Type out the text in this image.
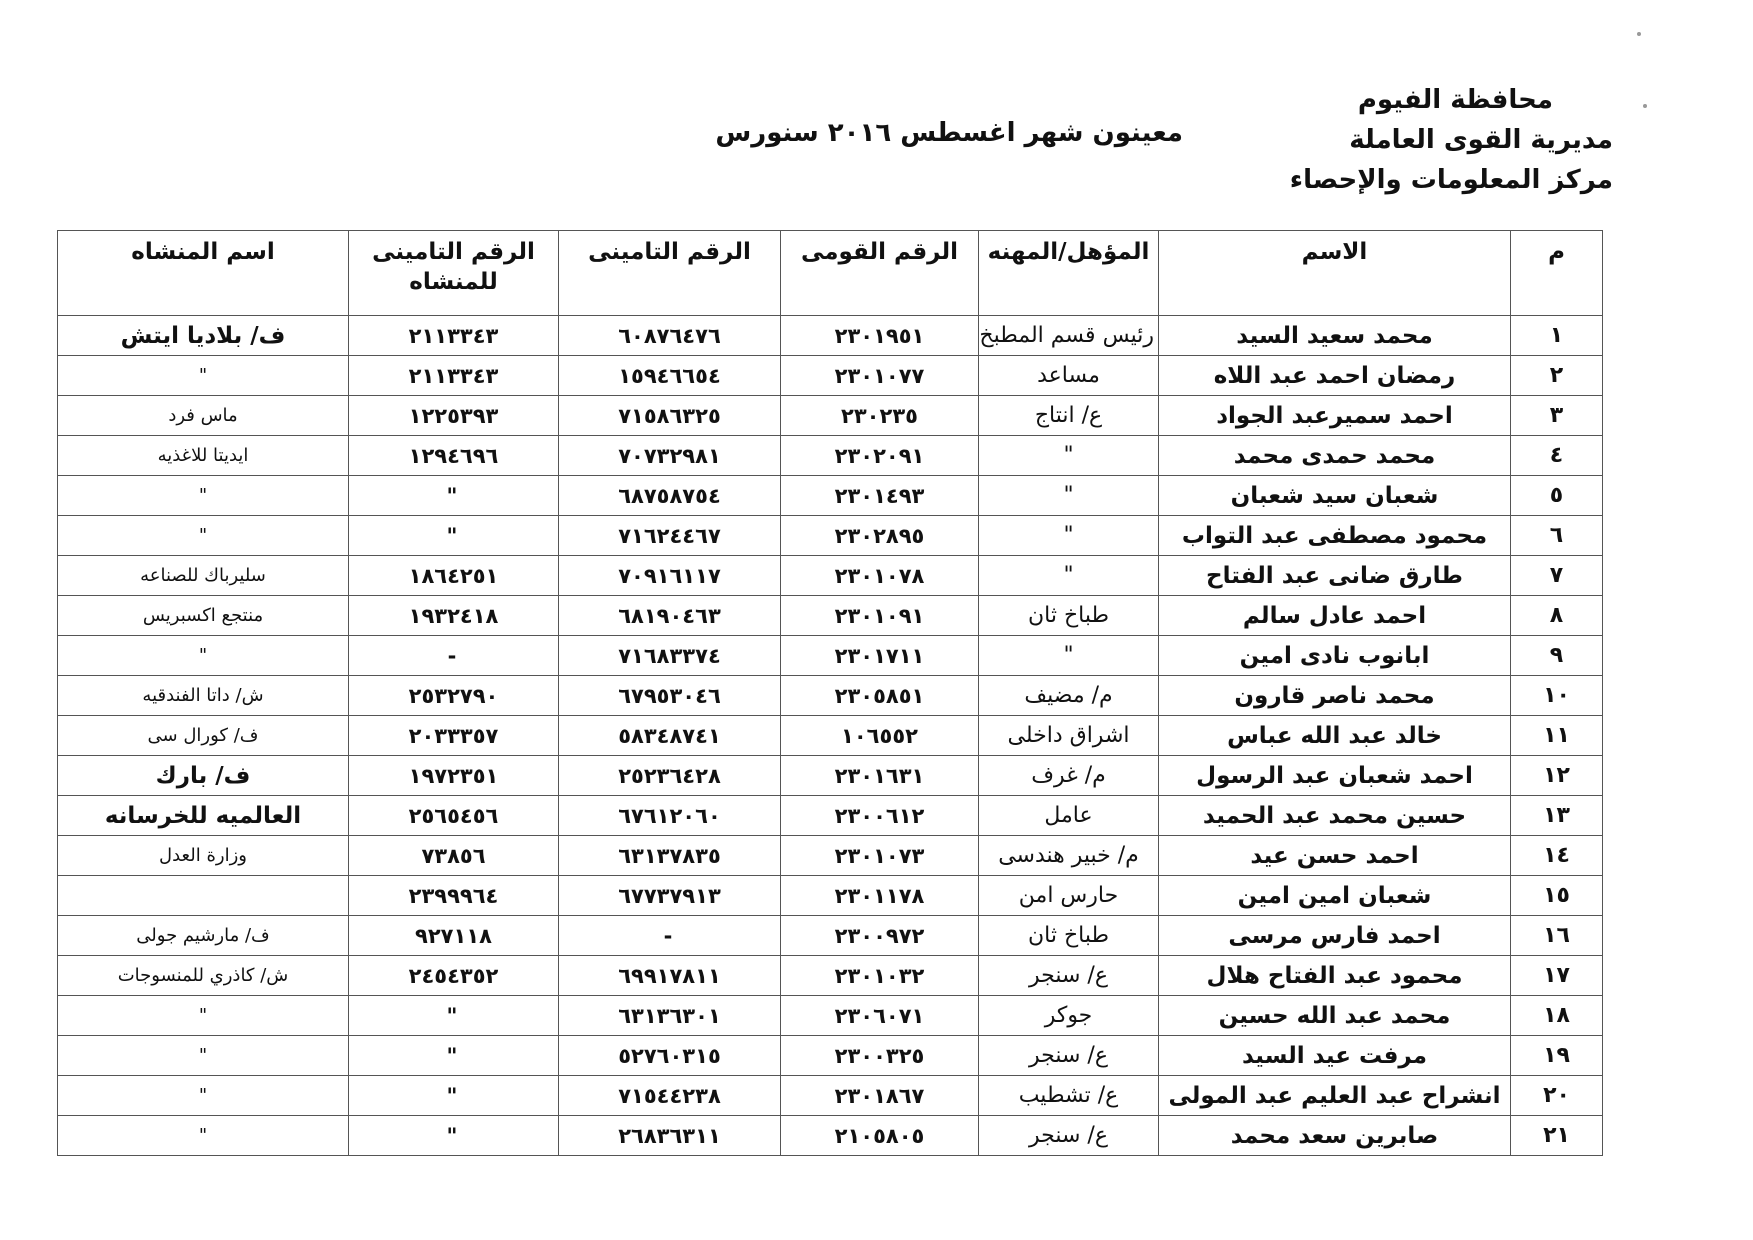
محافظة الفيوم
مديرية القوى العاملة
مركز المعلومات والإحصاء
معينون شهر اغسطس ٢٠١٦ سنورس
م	الاسم	المؤهل/المهنه	الرقم القومى	الرقم التامينى	الرقم التامينى للمنشاه	اسم المنشاه
١	محمد سعيد السيد	رئيس قسم المطبخ	٢٣٠١٩٥١	٦٠٨٧٦٤٧٦	٢١١٣٣٤٣	ف/ بلاديا ايتش
٢	رمضان احمد عبد اللاه	مساعد	٢٣٠١٠٧٧	١٥٩٤٦٦٥٤	٢١١٣٣٤٣	"
٣	احمد سميرعبد الجواد	ع/ انتاج	٢٣٠٢٣٥	٧١٥٨٦٣٢٥	١٢٢٥٣٩٣	ماس فرد
٤	محمد حمدى محمد	"	٢٣٠٢٠٩١	٧٠٧٣٢٩٨١	١٢٩٤٦٩٦	ايديتا للاغذيه
٥	شعبان سيد شعبان	"	٢٣٠١٤٩٣	٦٨٧٥٨٧٥٤	"	"
٦	محمود مصطفى عبد التواب	"	٢٣٠٢٨٩٥	٧١٦٢٤٤٦٧	"	"
٧	طارق ضانى عبد الفتاح	"	٢٣٠١٠٧٨	٧٠٩١٦١١٧	١٨٦٤٢٥١	سليرباك للصناعه
٨	احمد عادل سالم	طباخ ثان	٢٣٠١٠٩١	٦٨١٩٠٤٦٣	١٩٣٢٤١٨	منتجع اكسبريس
٩	ابانوب نادى امين	"	٢٣٠١٧١١	٧١٦٨٣٣٧٤	-	"
١٠	محمد ناصر قارون	م/ مضيف	٢٣٠٥٨٥١	٦٧٩٥٣٠٤٦	٢٥٣٢٧٩٠	ش/ داتا الفندقيه
١١	خالد عبد الله عباس	اشراق داخلى	١٠٦٥٥٢	٥٨٣٤٨٧٤١	٢٠٣٣٣٥٧	ف/ كورال سى
١٢	احمد شعبان عبد الرسول	م/ غرف	٢٣٠١٦٣١	٢٥٢٣٦٤٢٨	١٩٧٢٣٥١	ف/ بارك
١٣	حسين محمد عبد الحميد	عامل	٢٣٠٠٦١٢	٦٧٦١٢٠٦٠	٢٥٦٥٤٥٦	العالميه للخرسانه
١٤	احمد حسن عيد	م/ خبير هندسى	٢٣٠١٠٧٣	٦٣١٣٧٨٣٥	٧٣٨٥٦	وزارة العدل
١٥	شعبان امين امين	حارس امن	٢٣٠١١٧٨	٦٧٧٣٧٩١٣	٢٣٩٩٩٦٤	
١٦	احمد فارس مرسى	طباخ ثان	٢٣٠٠٩٧٢	-	٩٢٧١١٨	ف/ مارشيم جولى
١٧	محمود عبد الفتاح هلال	ع/ سنجر	٢٣٠١٠٣٢	٦٩٩١٧٨١١	٢٤٥٤٣٥٢	ش/ كاذري للمنسوجات
١٨	محمد عبد الله حسين	جوكر	٢٣٠٦٠٧١	٦٣١٣٦٣٠١	"	"
١٩	مرفت عيد السيد	ع/ سنجر	٢٣٠٠٣٢٥	٥٢٧٦٠٣١٥	"	"
٢٠	انشراح عبد العليم عبد المولى	ع/ تشطيب	٢٣٠١٨٦٧	٧١٥٤٤٢٣٨	"	"
٢١	صابرين سعد محمد	ع/ سنجر	٢١٠٥٨٠٥	٢٦٨٣٦٣١١	"	"
